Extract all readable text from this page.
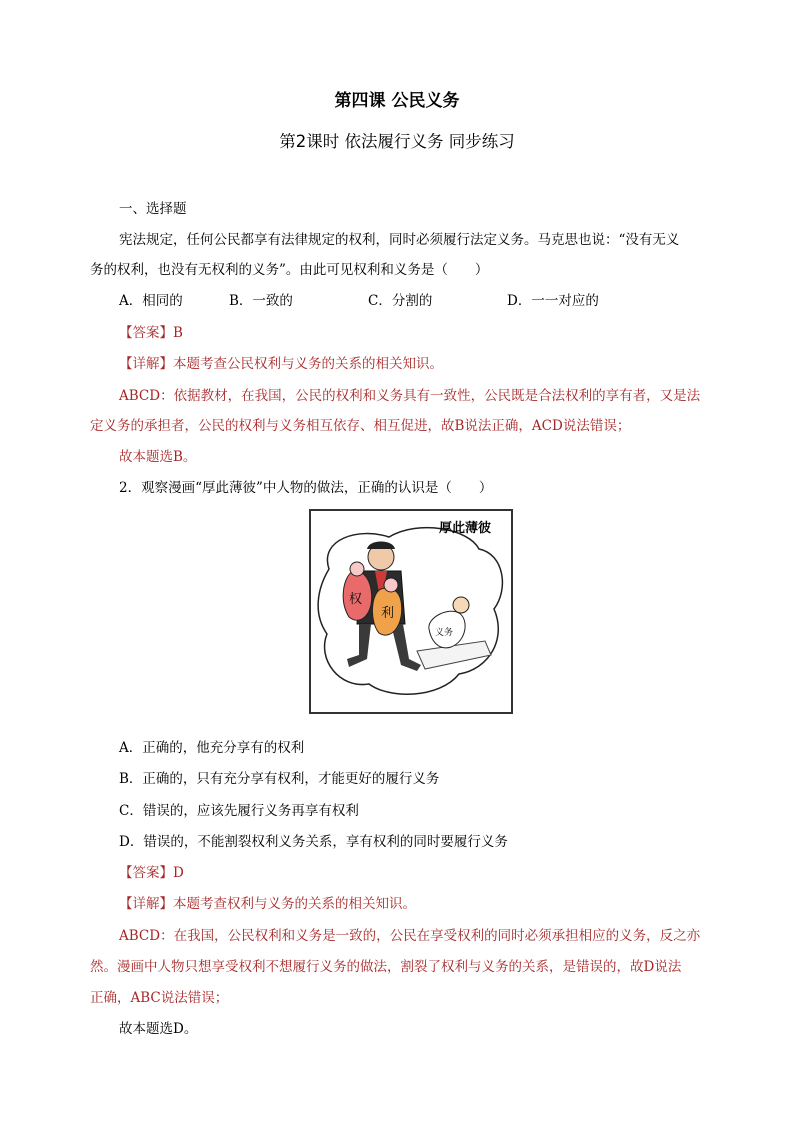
第四课 公民义务
第2课时 依法履行义务 同步练习
一、选择题
宪法规定，任何公民都享有法律规定的权利，同时必须履行法定义务。马克思也说：“没有无义
务的权利，也没有无权利的义务”。由此可见权利和义务是（　　）
A．相同的	B．一致的	C．分割的	D．一一对应的
【答案】B
【详解】本题考查公民权利与义务的关系的相关知识。
ABCD：依据教材，在我国，公民的权利和义务具有一致性，公民既是合法权利的享有者，又是法
定义务的承担者，公民的权利与义务相互依存、相互促进，故B说法正确，ACD说法错误；
故本题选B。
2．观察漫画“厚此薄彼”中人物的做法，正确的认识是（　　）
厚此薄彼
权
利
义务
A．正确的，他充分享有的权利
B．正确的，只有充分享有权利，才能更好的履行义务
C．错误的，应该先履行义务再享有权利
D．错误的，不能割裂权利义务关系，享有权利的同时要履行义务
【答案】D
【详解】本题考查权利与义务的关系的相关知识。
ABCD：在我国，公民权利和义务是一致的，公民在享受权利的同时必须承担相应的义务，反之亦
然。漫画中人物只想享受权利不想履行义务的做法，割裂了权利与义务的关系，是错误的，故D说法
正确，ABC说法错误；
故本题选D。
